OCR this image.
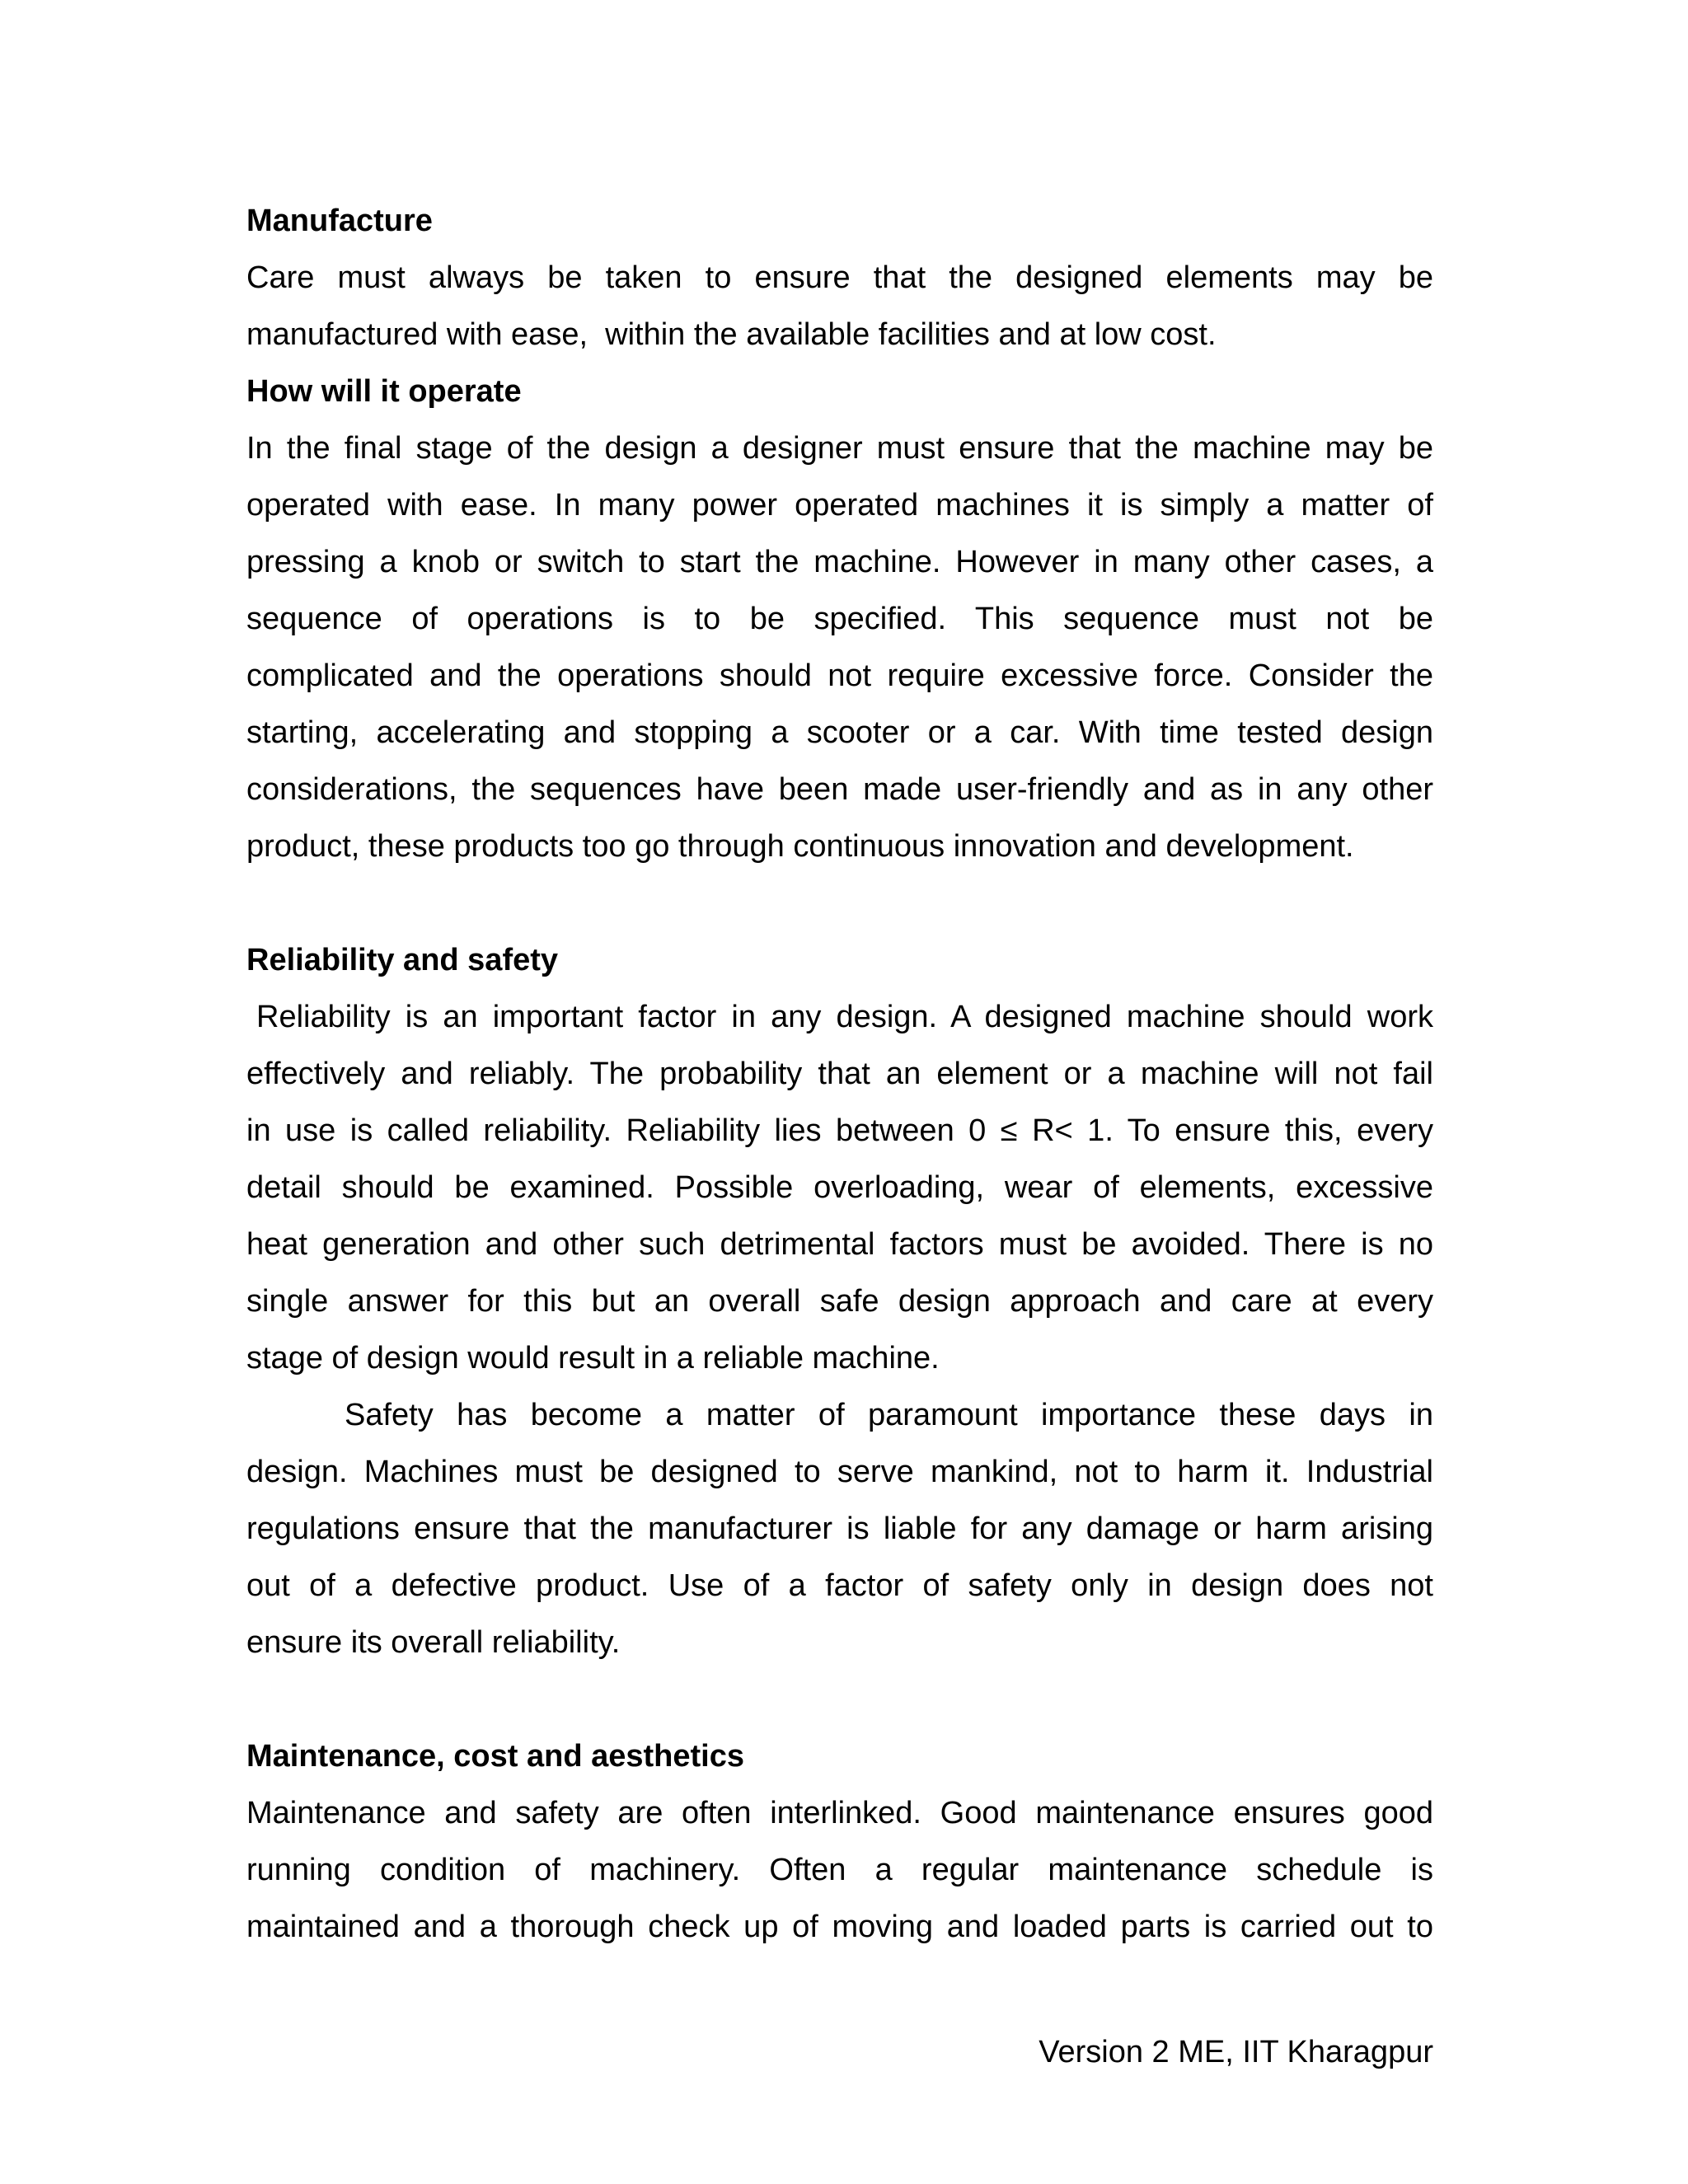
Manufacture
Care must always be taken to ensure that the designed elements may be
manufactured with ease,  within the available facilities and at low cost.
How will it operate
In the final stage of the design a designer must ensure that the machine may be
operated with ease. In many power operated machines it is simply a matter of
pressing a knob or switch to start the machine. However in many other cases, a
sequence of operations is to be specified. This sequence must not be
complicated and the operations should not require excessive force. Consider the
starting, accelerating and stopping a scooter or a car. With time tested design
considerations, the sequences have been made user-friendly and as in any other
product, these products too go through continuous innovation and development.
Reliability and safety
Reliability is an important factor in any design. A designed machine should work
effectively and reliably. The probability that an element or a machine will not fail
in use is called reliability. Reliability lies between 0 ≤ R< 1. To ensure this, every
detail should be examined. Possible overloading, wear of elements, excessive
heat generation and other such detrimental factors must be avoided. There is no
single answer for this but an overall safe design approach and care at every
stage of design would result in a reliable machine.
Safety has become a matter of paramount importance these days in
design. Machines must be designed to serve mankind, not to harm it. Industrial
regulations ensure that the manufacturer is liable for any damage or harm arising
out of a defective product. Use of a factor of safety only in design does not
ensure its overall reliability.
Maintenance, cost and aesthetics
Maintenance and safety are often interlinked. Good maintenance ensures good
running condition of machinery. Often a regular maintenance schedule is
maintained and a thorough check up of moving and loaded parts is carried out to
Version 2 ME, IIT Kharagpur
